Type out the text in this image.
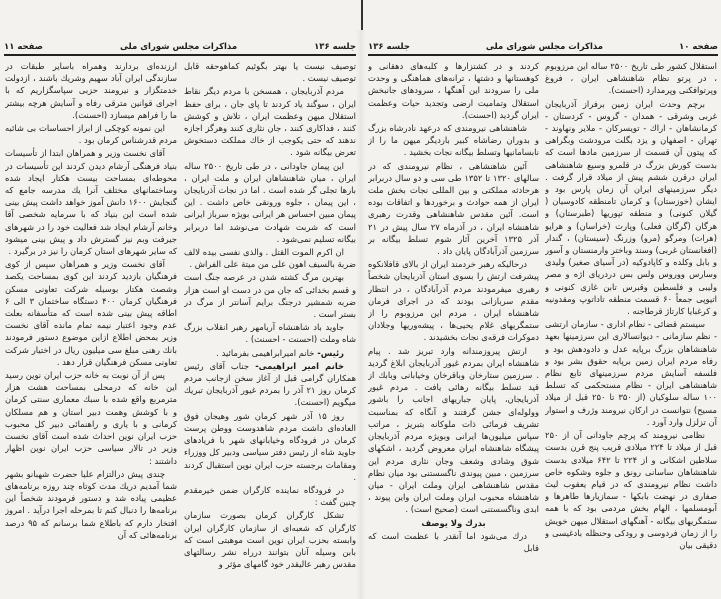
صفحه ۱۰
مذاکرات مجلس شورای ملی
جلسه ۱۳۶

استقلال کشور طی تاریخ ۲۵۰۰ ساله این مرزوبوم ، در پرتو نظام شاهنشاهی ایران ، فروغ وپرتوافکنی وپرمدارد (احسنت).

برچم وحدت ایران زمین برفراز آذربایجان غربی وشرقی - همدان - گروس - کردستان - کرمانشاهان - اراك - تویسرکان - ملایر ونهاوند - تهران - اصفهان و یزد بگلت مرودشت وبگراهی که پیتون آن قسمت از سرزمین مادها است که بدست کورش بزرگ در قلمرو وسیع شاهنشاهی ایران درقرن ششم پیش از میلاد قرار گرفت . دیگر سرزمینهای ایران آن زمان پارس بود و ایشان (خوزستان) و کرمان تامنطقه کادوسیان ( گیلان کنونی) و منطقه تپوریها (طبرستان) و هرگان (گرگان فعلی) وپارت (خراسان) و هرایو (هرات) ومرگو (مرو) وزرنگ (سیستان) ، گندار (افغانستان غربی) وسند وباختر وارمنستان و آسور و بابل وکلده و کاپادوکیه (در آسیای صغیر) ولیدی وسارس ووروس ولس بس دردریای اژه و مصر ولیبی و فلسطین وقبرس تابن غازی کنونی و اتیوپی جمعاً ۶۰ قسمت منطقه تاداتوپ ومقدونیه و کرغبایا کارتاژ قرطاجنه .

سیستم قضائی - نظام اداری - سازمان ارتشی - نظم سازمانی - دیوانسالاری این سرزمینها بعهد شاهنشاهان بزرگ برپایه عدل و دادودهش بود و رفاه مردم ایران زمین برپایه حقوق بشر بود و فلسفه آسایش مردم سرزمینهای تابع نظام شاهنشاهی ایران - نظام مستحکمی که تسلط ۱۰۰ ساله سلوکیان (از ۳۵۰ تا ۲۵۰ قبل از میلاد مسیح) نتوانست در ارکان نیرومند وژرف و استوار آن تزلزل وارد آورد .

نظامی نیرومند که پرچم جاودانی آن از ۲۵۰ قبل از میلاد تا ۲۲۴ میلادی قریب پنج قرن بدست سلاطین اشکانی و از ۲۲۴ تا ۶۴۲ میلادی بدست شاهنشاهان ساسانی رونق و جلوه وشکوه خاص داشت نظام نیرومندی که در قیام یعقوب لیث صفاری در نهضت بابکها - سمازیارها طاهرها و آبومسلمها ، الهام بخش مردمی بود که با همه ستمگریهای بیگانه - آهنگهای استقلال میهن خویش را از زمان فردوسی و رودکی وحنظله بادغیسی و دقیقی بیان

کردند و در کشتزارها و کلبه‌های دهقانی و کوهستانها و دشتها ، ترانه‌های هماهنگی و وحدت ملی را سرودند این آهنگها ، سرودهای جانبخش استقلال وتمامیت ارضی وتجدید حیات وعظمت ایران گردید (احسنت).

شاهنشاهی نیرومندی که درعهد نادرشاه بزرگ و بدوران رضاشاه کبیر باردیگر میهن ما را از نابسامانیها وتسلط بیگانه نجات بخشید .

آئین شاهنشاهی ، نظام نیرومندی که در سالهای ۱۳۲۰ تا ۱۳۵۲ طی سی و دو سال دربرابر هرحادثه مملکتی و بین المللی نجات بخش ملت ایران از همه حوادث و برخوردها و اتفاقات بوده است. آئین مقدس شاهنشاهی وقدرت رهبری شاهنشاه ایران ، در آذرماه ۲۷ سال پیش در ۲۱ آذر ۱۳۲۵ آخرین آثار شوم تسلط بیگانه بر سرزمین آذرآبادگان پایان داد .

درحالیکه رهبر خردمند ایران از بالای قافلانکوه پیشرفت ارتش را بسوی استان آذربایجان شخصاً رهبری میفرمودند مردم آذرآبادگان ، در انتظار مقدم سربازانی بودند که در اجرای فرمان شاهنشاه ایران ، مردم این مرزوبوم را از ستمگریهای غلام یحیی‌ها ، پیشه‌وریها وجلادان دموکرات فرقه‌ی نجات بخشیدند .

ارتش پیروزمندانه وارد تبریز شد . پیام شاهنشاه ایران بمردم غیور آذربایجان ابلاغ گردید . سرزمین ستارخان وباقرخان وخیابانی وبابك از قید تسلط بیگانه رهائی یافت . مردم غیور آذربایجان، پایان جباریهای اجانب را باشور وولوله‌ای جشن گرفتند و آنگاه که بمناسبت تشریف فرمائی ذات ملوکانه بتبریز ، مراتب سپاس میلیون‌ها ایرانی وبویژه مردم آذربایجان پیشگاه شاهنشاه ایران معروض گردید ، اشکهای شوق وشادی وشعف وجان نثاری مردم این سرزمین ، مبین پیوندی ناگسستنی بود میان نظام مقدس شاهنشاهی ایران وملت ایران - میان شاهنشاه محبوب ایران وملت ایران واین پیوند ، ابدی وناگسستنی است (صحیح است) .

بدرك ولا یوصف

درك می‌شود اما آنقدر با عظمت است که قابل

جلسه ۱۳۶
مذاکرات مجلس شورای ملی
صفحه ۱۱

توصیف نیست یا بهتر بگوئیم کماهوحقه قابل توصیف نیست .

مردم آذربایجان ، همسخن با مردم دیگر نقاط ایران ، سوگند یاد کردند تا پای جان ، برای حفظ استقلال میهن وعظمت ایران ، تلاش و کوشش کنند ، فداکاری کنند ، جان نثاری کنند وهرگز اجازه ندهند که حتی یکوجب از خاك مملکت دستخوش تعرض بیگانه شود .

این پیمان جاودانی ، در طی تاریخ ۲۵۰۰ ساله ایران ، میان شاهنشاهان ایران و ملت ایران ، بارها تجلی گر شده است . اما در نجات آذربایجان ، این پیمان ، جلوه ورونقی خاص داشت . این پیمان مبین احساس هر ایرانی بویژه سرباز ایرانی است که شربت شهادت می‌نوشد اما دربرابر بیگانه تسلیم نمی‌شود .

ان اکرم الموت القتل . والذی نفسی بیده لالف ضربة بالسیف اهون علی من میتة علی الفراش .

بهترین مرگ کشته شدن در عرصه جنگ است و قسم بخدائی که جان من در دست او است هزار ضربه شمشیر درجنگ برایم آسانتر از مرگ در بستر است .

جاوید باد شاهنشاه آریامهر رهبر انقلاب بزرگ شاه وملت (احسنت - احسنت) .

رئیس- خانم امیرابراهیمی بفرمائید .

خانم امیر ابراهیمی- جناب آقای رئیس همکاران گرامی قبل از آغاز سخن ازجانب مردم کرمان روز ۲۱ آذر را بمردم غیور آذربایجان تبریك میگویم (احسنت).

روز ۱۵ آذر شهر کرمان شور وهیجان فوق العاده‌ای داشت مردم شاهدوست ووطن پرست کرمان در فرودگاه وخیابانهای شهر با فریادهای جاوید شاه از رئیس دفتر سیاسی ودبیر کل ووزراء ومقامات برجسته حزب ایران نوین استقبال کردند .

در فرودگاه نماینده کارگران ضمن خیرمقدم چنین گفت :

تشکل کارگران کرمان بصورت سازمان کارگران که شعبه‌ای از سازمان کارگران ایران وابسته بحزب ایران نوین است موهبتی است که بابن وسیله آنان بتوانند درراه نشر رسالتهای مقدس رهبر عالیقدر خود گامهای مؤثر و

ارزنده‌ای بردارند وهمراه باسایر طبقات در سازندگی ایران آباد سهیم وشریك باشند ، ازدولت خدمتگزار و نیرومند حزبی سپاسگزاریم که با اجرای قوانین مترقی رفاه و آسایش هرچه بیشتر ما را فراهم میسازد (احسنت).

این نمونه کوچکی از ابراز احساسات بی شائبه مردم قدرشناس کرمان بود .

آقای نخست وزیر و همراهان ابتدا از تأسیسات بنیاد فرهنگی آرشام دیدن کردند این تأسیسات در محوطه‌ای بمساحت بیست هکتار ایجاد شده وساختمانهای مختلف آنرا یك مدرسه جامع که گنجایش ۱۶۰۰ دانش آموز خواهد داشت پیش بینی شده است این بنیاد که با سرمایه شخصی آقا وخانم آرشام ایجاد شد فعالیت خود را در شهرهای جیرفت وبم نیز گسترش داد و پیش بینی میشود که سایر شهرهای استان کرمان را نیز در برگیرد .

آقای نخست وزیر و همراهان سپس از کوی فرهنگیان بازدید کردند این کوی بمساحت یکصد وشصت هکتار بوسیله شرکت تعاونی مسکن فرهنگیان کرمان ۴۰۰ دستگاه ساختمان ۳ الی ۶ اطاقه پیش بینی شده است که متأسفانه بعلت عدم وجود اعتبار نیمه تمام مانده آقای نخست وزیر بمحض اطلاع ازاین موضوع دستور فرمودند بانك رهنی مبلغ سی میلیون ریال در اختیار شرکت تعاونی مسکن فرهنگیان قرار دهد .

پس از آن نوبت به خانه حزب ایران نوین رسید این خانه که درمحلی بمساحت هشت هزار مترمربع واقع شده با سبك معماری سنتی کرمان و با کوشش وهمت دبیر استان و هم مسلکان کرمانی و با یاری و راهنمائی دبیر کل محبوب حزب ایران نوین احداث شده است آقای نخست وزیر در تالار سیاسی حزب ایران نوین اظهار داشتند :

چندی پیش درالتزام علیا حضرت شهبانو بشهر شما آمدیم دریك مدت کوتاه چند روزه برنامه‌های عظیمی پیاده شد و دستور فرمودند شخصاً این برنامه‌ها را دنبال کنم تا بمرحله اجرا درآید . امروز افتخار دارم که باطلاع شما برسانم که ۹۵ درصد برنامه‌هائی که آن
